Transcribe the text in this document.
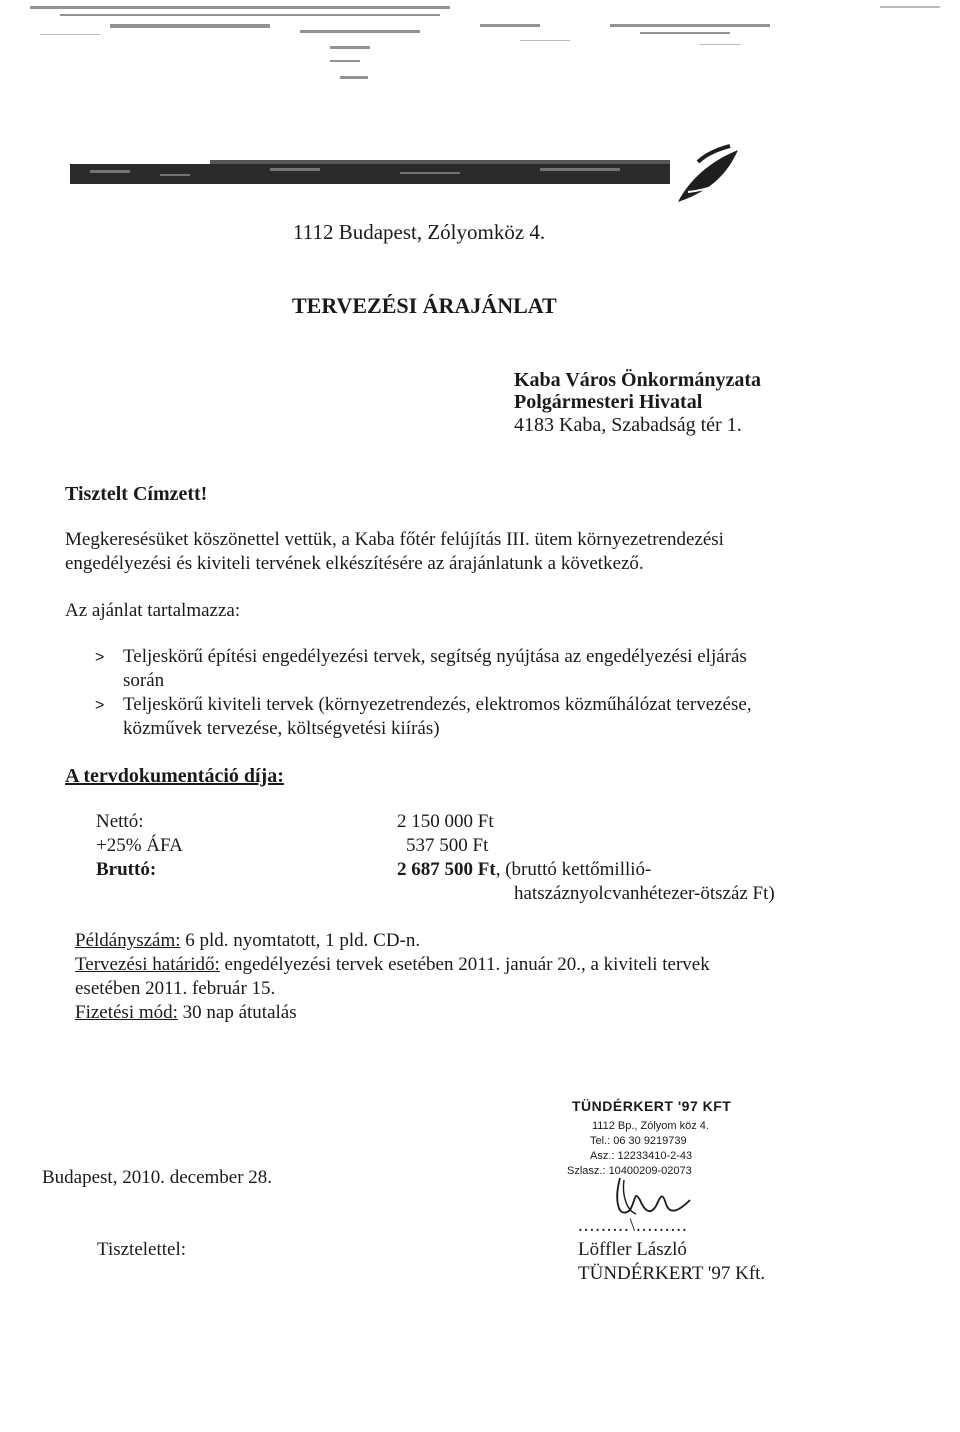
1112 Budapest, Zólyomköz 4.
TERVEZÉSI ÁRAJÁNLAT
Kaba Város Önkormányzata
Polgármesteri Hivatal
4183 Kaba, Szabadság tér 1.
Tisztelt Címzett!
Megkeresésüket köszönettel vettük, a Kaba főtér felújítás III. ütem környezetrendezési
engedélyezési és kiviteli tervének elkészítésére az árajánlatunk a következő.
Az ajánlat tartalmazza:
> Teljeskörű építési engedélyezési tervek, segítség nyújtása az engedélyezési eljárás
során
> Teljeskörű kiviteli tervek (környezetrendezés, elektromos közműhálózat tervezése,
közművek tervezése, költségvetési kiírás)
A tervdokumentáció díja:
Nettó:	2 150 000 Ft
+25% ÁFA	537 500 Ft
Bruttó:	2 687 500 Ft, (bruttó kettőmillió-
hatszáznyolcvanhétezer-ötszáz Ft)
Példányszám: 6 pld. nyomtatott, 1 pld. CD-n.
Tervezési határidő: engedélyezési tervek esetében 2011. január 20., a kiviteli tervek
esetében 2011. február 15.
Fizetési mód: 30 nap átutalás
TÜNDÉRKERT '97 KFT
1112 Bp., Zólyom köz 4.
Tel.: 06 30 9219739
Asz.: 12233410-2-43
Szlasz.: 10400209-02073
Budapest, 2010. december 28.
.........\.........
Tisztelettel:	Löffler László
TÜNDÉRKERT '97 Kft.
